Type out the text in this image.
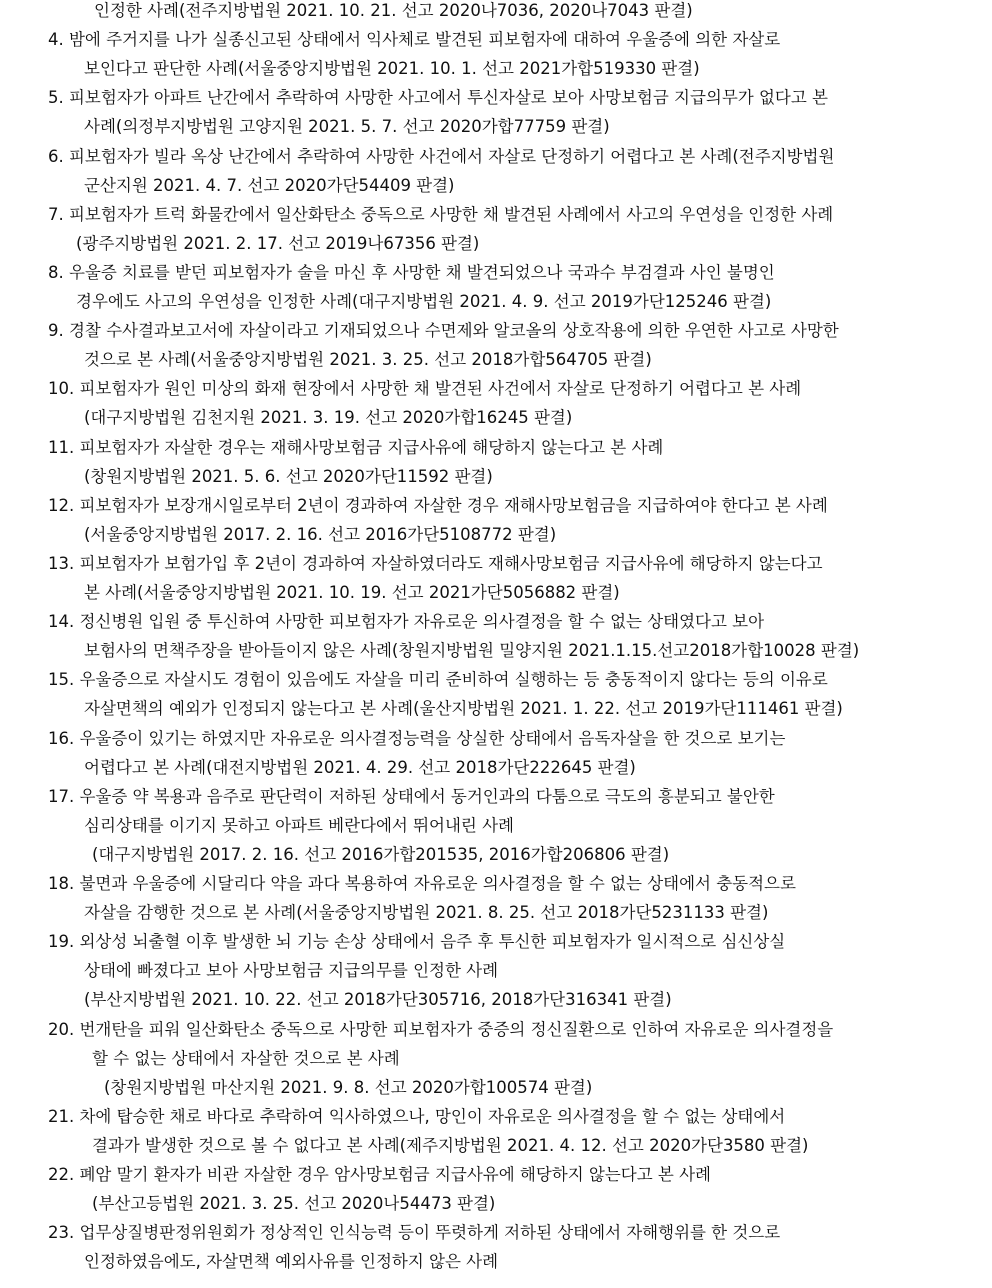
인정한 사례(전주지방법원 2021. 10. 21. 선고 2020나7036, 2020나7043 판결)
4. 밤에 주거지를 나가 실종신고된 상태에서 익사체로 발견된 피보험자에 대하여 우울증에 의한 자살로
보인다고 판단한 사례(서울중앙지방법원 2021. 10. 1. 선고 2021가합519330 판결)
5. 피보험자가 아파트 난간에서 추락하여 사망한 사고에서 투신자살로 보아 사망보험금 지급의무가 없다고 본
사례(의정부지방법원 고양지원 2021. 5. 7. 선고 2020가합77759 판결)
6. 피보험자가 빌라 옥상 난간에서 추락하여 사망한 사건에서 자살로 단정하기 어렵다고 본 사례(전주지방법원
군산지원 2021. 4. 7. 선고 2020가단54409 판결)
7. 피보험자가 트럭 화물칸에서 일산화탄소 중독으로 사망한 채 발견된 사례에서 사고의 우연성을 인정한 사례
(광주지방법원 2021. 2. 17. 선고 2019나67356 판결)
8. 우울증 치료를 받던 피보험자가 술을 마신 후 사망한 채 발견되었으나 국과수 부검결과 사인 불명인
경우에도 사고의 우연성을 인정한 사례(대구지방법원 2021. 4. 9. 선고 2019가단125246 판결)
9. 경찰 수사결과보고서에 자살이라고 기재되었으나 수면제와 알코올의 상호작용에 의한 우연한 사고로 사망한
것으로 본 사례(서울중앙지방법원 2021. 3. 25. 선고 2018가합564705 판결)
10. 피보험자가 원인 미상의 화재 현장에서 사망한 채 발견된 사건에서 자살로 단정하기 어렵다고 본 사례
(대구지방법원 김천지원 2021. 3. 19. 선고 2020가합16245 판결)
11. 피보험자가 자살한 경우는 재해사망보험금 지급사유에 해당하지 않는다고 본 사례
(창원지방법원 2021. 5. 6. 선고 2020가단11592 판결)
12. 피보험자가 보장개시일로부터 2년이 경과하여 자살한 경우 재해사망보험금을 지급하여야 한다고 본 사례
(서울중앙지방법원 2017. 2. 16. 선고 2016가단5108772 판결)
13. 피보험자가 보험가입 후 2년이 경과하여 자살하였더라도 재해사망보험금 지급사유에 해당하지 않는다고
본 사례(서울중앙지방법원 2021. 10. 19. 선고 2021가단5056882 판결)
14. 정신병원 입원 중 투신하여 사망한 피보험자가 자유로운 의사결정을 할 수 없는 상태였다고 보아
보험사의 면책주장을 받아들이지 않은 사례(창원지방법원 밀양지원 2021.1.15.선고2018가합10028 판결)
15. 우울증으로 자살시도 경험이 있음에도 자살을 미리 준비하여 실행하는 등 충동적이지 않다는 등의 이유로
자살면책의 예외가 인정되지 않는다고 본 사례(울산지방법원 2021. 1. 22. 선고 2019가단111461 판결)
16. 우울증이 있기는 하였지만 자유로운 의사결정능력을 상실한 상태에서 음독자살을 한 것으로 보기는
어렵다고 본 사례(대전지방법원 2021. 4. 29. 선고 2018가단222645 판결)
17. 우울증 약 복용과 음주로 판단력이 저하된 상태에서 동거인과의 다툼으로 극도의 흥분되고 불안한
심리상태를 이기지 못하고 아파트 베란다에서 뛰어내린 사례
(대구지방법원 2017. 2. 16. 선고 2016가합201535, 2016가합206806 판결)
18. 불면과 우울증에 시달리다 약을 과다 복용하여 자유로운 의사결정을 할 수 없는 상태에서 충동적으로
자살을 감행한 것으로 본 사례(서울중앙지방법원 2021. 8. 25. 선고 2018가단5231133 판결)
19. 외상성 뇌출혈 이후 발생한 뇌 기능 손상 상태에서 음주 후 투신한 피보험자가 일시적으로 심신상실
상태에 빠졌다고 보아 사망보험금 지급의무를 인정한 사례
(부산지방법원 2021. 10. 22. 선고 2018가단305716, 2018가단316341 판결)
20. 번개탄을 피워 일산화탄소 중독으로 사망한 피보험자가 중증의 정신질환으로 인하여 자유로운 의사결정을
할 수 없는 상태에서 자살한 것으로 본 사례
(창원지방법원 마산지원 2021. 9. 8. 선고 2020가합100574 판결)
21. 차에 탑승한 채로 바다로 추락하여 익사하였으나, 망인이 자유로운 의사결정을 할 수 없는 상태에서
결과가 발생한 것으로 볼 수 없다고 본 사례(제주지방법원 2021. 4. 12. 선고 2020가단3580 판결)
22. 폐암 말기 환자가 비관 자살한 경우 암사망보험금 지급사유에 해당하지 않는다고 본 사례
(부산고등법원 2021. 3. 25. 선고 2020나54473 판결)
23. 업무상질병판정위원회가 정상적인 인식능력 등이 뚜렷하게 저하된 상태에서 자해행위를 한 것으로
인정하였음에도, 자살면책 예외사유를 인정하지 않은 사례
